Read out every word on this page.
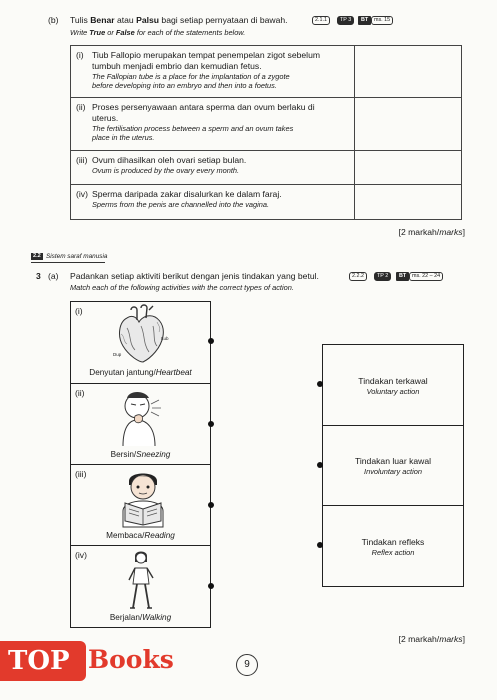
(b) Tulis Benar atau Palsu bagi setiap pernyataan di bawah.
Write True or False for each of the statements below.
2.1.1	TP 3	BT	ms. 15
(i) Tiub Fallopio merupakan tempat penempelan zigot sebelum
tumbuh menjadi embrio dan kemudian fetus.
The Fallopian tube is a place for the implantation of a zygote
before developing into an embryo and then into a foetus.	

(ii) Proses persenyawaan antara sperma dan ovum berlaku di
uterus.
The fertilisation process between a sperm and an ovum takes
place in the uterus.	

(iii) Ovum dihasilkan oleh ovari setiap bulan.
Ovum is produced by the ovary every month.	

(iv) Sperma daripada zakar disalurkan ke dalam faraj.
Sperms from the penis are channelled into the vagina.	

[2 markah/marks]
2.2 Sistem saraf manusia
3 (a) Padankan setiap aktiviti berikut dengan jenis tindakan yang betul.
Match each of the following activities with the correct types of action.
2.2.2	TP 2	BT	ms. 22 – 24
(i)
Dup
Lub
Denyutan jantung/Heartbeat
(ii)
Bersin/Sneezing
(iii)
Membaca/Reading
(iv)
Berjalan/Walking
Tindakan terkawal
Voluntary action
Tindakan luar kawal
Involuntary action
Tindakan refleks
Reflex action
[2 markah/marks]
TOP Books	9
